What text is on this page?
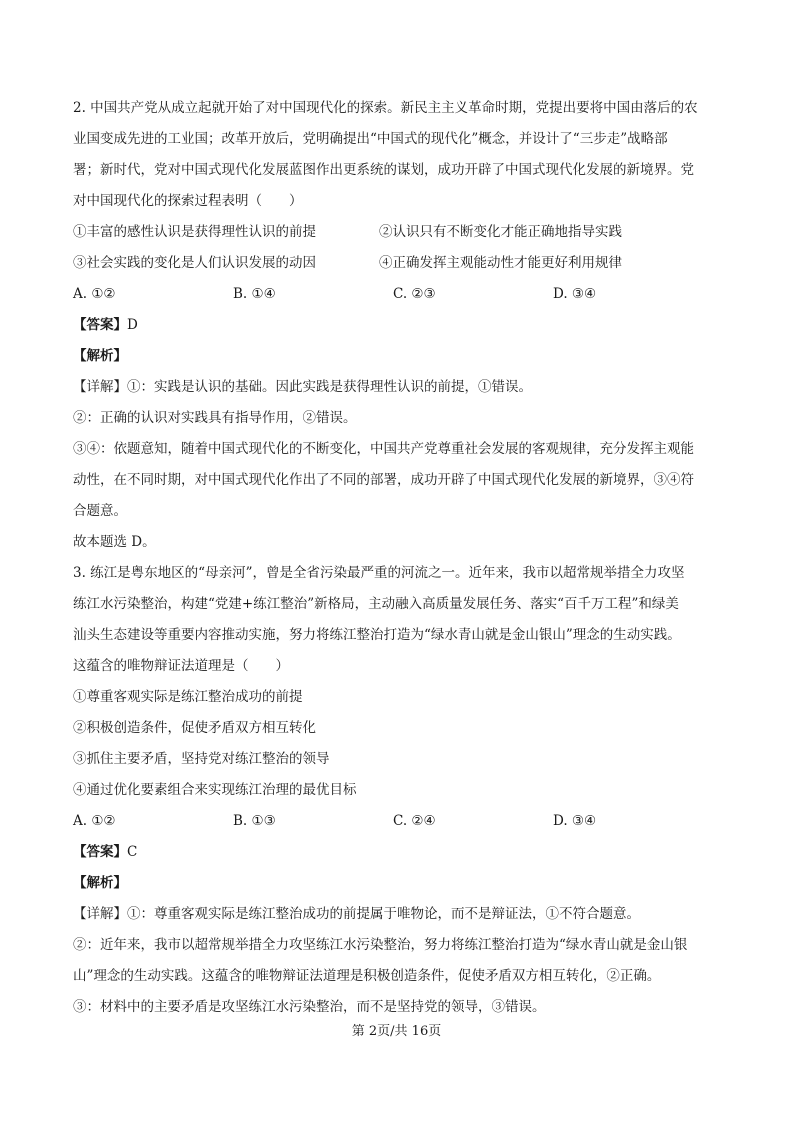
2. 中国共产党从成立起就开始了对中国现代化的探索。新民主主义革命时期，党提出要将中国由落后的农
业国变成先进的工业国；改革开放后，党明确提出“中国式的现代化”概念，并设计了“三步走”战略部
署；新时代，党对中国式现代化发展蓝图作出更系统的谋划，成功开辟了中国式现代化发展的新境界。党
对中国现代化的探索过程表明（　　）
①丰富的感性认识是获得理性认识的前提	②认识只有不断变化才能正确地指导实践
③社会实践的变化是人们认识发展的动因	④正确发挥主观能动性才能更好利用规律
A. ①②	B. ①④	C. ②③	D. ③④
【答案】D
【解析】
【详解】①：实践是认识的基础。因此实践是获得理性认识的前提，①错误。
②：正确的认识对实践具有指导作用，②错误。
③④：依题意知，随着中国式现代化的不断变化，中国共产党尊重社会发展的客观规律，充分发挥主观能
动性，在不同时期，对中国式现代化作出了不同的部署，成功开辟了中国式现代化发展的新境界，③④符
合题意。
故本题选 D。
3. 练江是粤东地区的“母亲河”，曾是全省污染最严重的河流之一。近年来，我市以超常规举措全力攻坚
练江水污染整治，构建“党建+练江整治”新格局，主动融入高质量发展任务、落实“百千万工程”和绿美
汕头生态建设等重要内容推动实施，努力将练江整治打造为“绿水青山就是金山银山”理念的生动实践。
这蕴含的唯物辩证法道理是（　　）
①尊重客观实际是练江整治成功的前提
②积极创造条件，促使矛盾双方相互转化
③抓住主要矛盾，坚持党对练江整治的领导
④通过优化要素组合来实现练江治理的最优目标
A. ①②	B. ①③	C. ②④	D. ③④
【答案】C
【解析】
【详解】①：尊重客观实际是练江整治成功的前提属于唯物论，而不是辩证法，①不符合题意。
②：近年来，我市以超常规举措全力攻坚练江水污染整治，努力将练江整治打造为“绿水青山就是金山银
山”理念的生动实践。这蕴含的唯物辩证法道理是积极创造条件，促使矛盾双方相互转化，②正确。
③：材料中的主要矛盾是攻坚练江水污染整治，而不是坚持党的领导，③错误。
第 2页/共 16页
